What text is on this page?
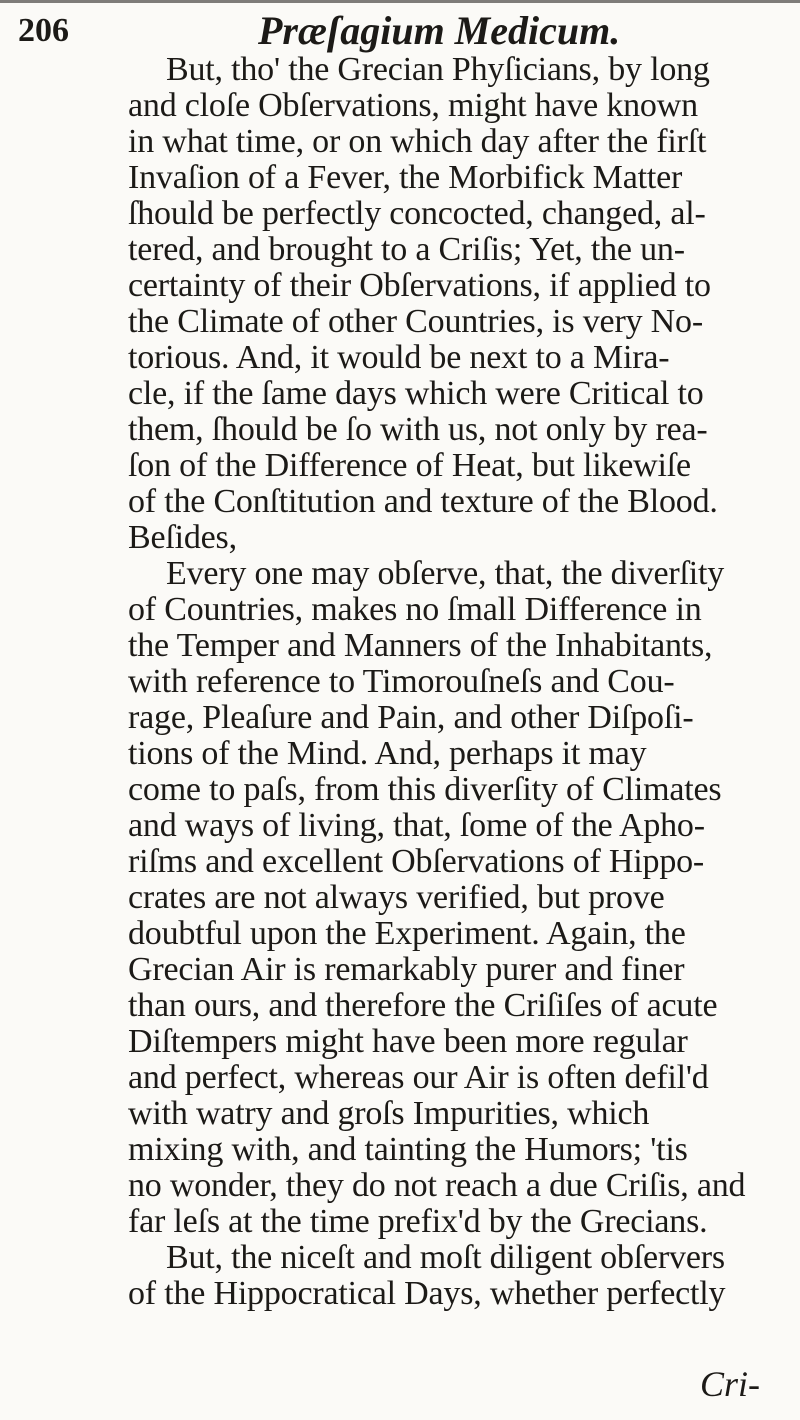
206	Præſagium Medicum.

But, tho' the Grecian Phyſicians, by long
and cloſe Obſervations, might have known
in what time, or on which day after the firſt
Invaſion of a Fever, the Morbifick Matter
ſhould be perfectly concocted, changed, al-
tered, and brought to a Criſis; Yet, the un-
certainty of their Obſervations, if applied to
the Climate of other Countries, is very No-
torious. And, it would be next to a Mira-
cle, if the ſame days which were Critical to
them, ſhould be ſo with us, not only by rea-
ſon of the Difference of Heat, but likewiſe
of the Conſtitution and texture of the Blood.
Beſides,

Every one may obſerve, that, the diverſity
of Countries, makes no ſmall Difference in
the Temper and Manners of the Inhabitants,
with reference to Timorouſneſs and Cou-
rage, Pleaſure and Pain, and other Diſpoſi-
tions of the Mind. And, perhaps it may
come to paſs, from this diverſity of Climates
and ways of living, that, ſome of the Apho-
riſms and excellent Obſervations of Hippo-
crates are not always verified, but prove
doubtful upon the Experiment. Again, the
Grecian Air is remarkably purer and finer
than ours, and therefore the Criſiſes of acute
Diſtempers might have been more regular
and perfect, whereas our Air is often defil'd
with watry and groſs Impurities, which
mixing with, and tainting the Humors; 'tis
no wonder, they do not reach a due Criſis, and
far leſs at the time prefix'd by the Grecians.

But, the niceſt and moſt diligent obſervers
of the Hippocratical Days, whether perfectly

Cri-
